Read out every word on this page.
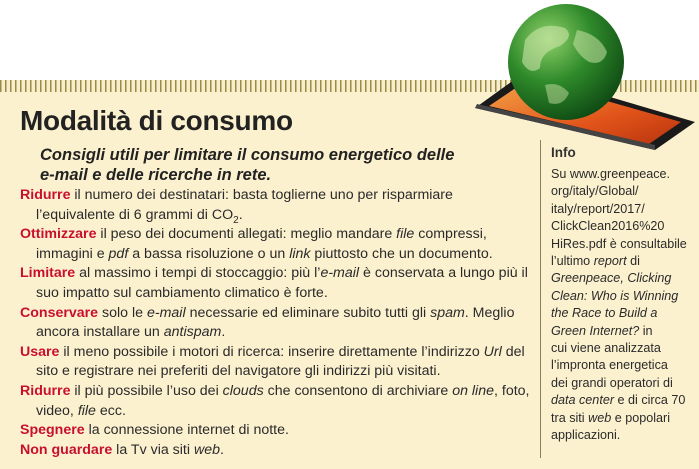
Modalità di consumo

Consigli utili per limitare il consumo energetico delle e-mail e delle ricerche in rete.

Ridurre il numero dei destinatari: basta toglierne uno per risparmiare l’equivalente di 6 grammi di $CO_2$.
Ottimizzare il peso dei documenti allegati: meglio mandare file compressi, immagini e pdf a bassa risoluzione o un link piuttosto che un documento.
Limitare al massimo i tempi di stoccaggio: più l’e-mail è conservata a lungo più il suo impatto sul cambiamento climatico è forte.
Conservare solo le e-mail necessarie ed eliminare subito tutti gli spam. Meglio ancora installare un antispam.
Usare il meno possibile i motori di ricerca: inserire direttamente l’indirizzo Url del sito e registrare nei preferiti del navigatore gli indirizzi più visitati.
Ridurre il più possibile l’uso dei clouds che consentono di archiviare on line, foto, video, file ecc.
Spegnere la connessione internet di notte.
Non guardare la Tv via siti web.
Info

Su www.greenpeace.
org/italy/Global/
italy/report/2017/
ClickClean2016%20
HiRes.pdf è consultabile
l’ultimo report di
Greenpeace, Clicking
Clean: Who is Winning
the Race to Build a
Green Internet? in
cui viene analizzata
l’impronta energetica
dei grandi operatori di
data center e di circa 70
tra siti web e popolari
applicazioni.
